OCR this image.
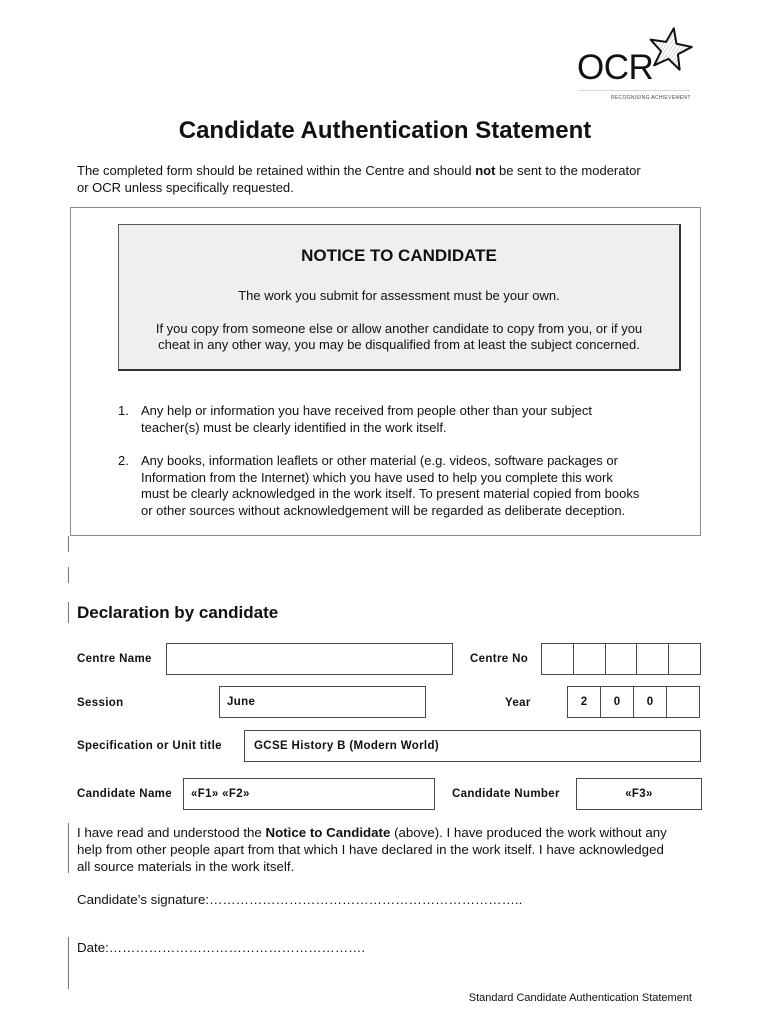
OCR
RECOGNISING ACHIEVEMENT
Candidate Authentication Statement

The completed form should be retained within the Centre and should not be sent to the moderator
or OCR unless specifically requested.

NOTICE TO CANDIDATE
The work you submit for assessment must be your own.
If you copy from someone else or allow another candidate to copy from you, or if you
cheat in any other way, you may be disqualified from at least the subject concerned.
1. Any help or information you have received from people other than your subject
teacher(s) must be clearly identified in the work itself.
2. Any books, information leaflets or other material (e.g. videos, software packages or
Information from the Internet) which you have used to help you complete this work
must be clearly acknowledged in the work itself. To present material copied from books
or other sources without acknowledgement will be regarded as deliberate deception.
Declaration by candidate
Centre Name	Centre No
Session	June	Year	2 0 0
Specification or Unit title	GCSE History B (Modern World)
Candidate Name «F1» «F2»	Candidate Number	«F3»

I have read and understood the Notice to Candidate (above). I have produced the work without any
help from other people apart from that which I have declared in the work itself. I have acknowledged
all source materials in the work itself.

Candidate’s signature:……………………………………………………………..
Date:………………………………………………….
Standard Candidate Authentication Statement
